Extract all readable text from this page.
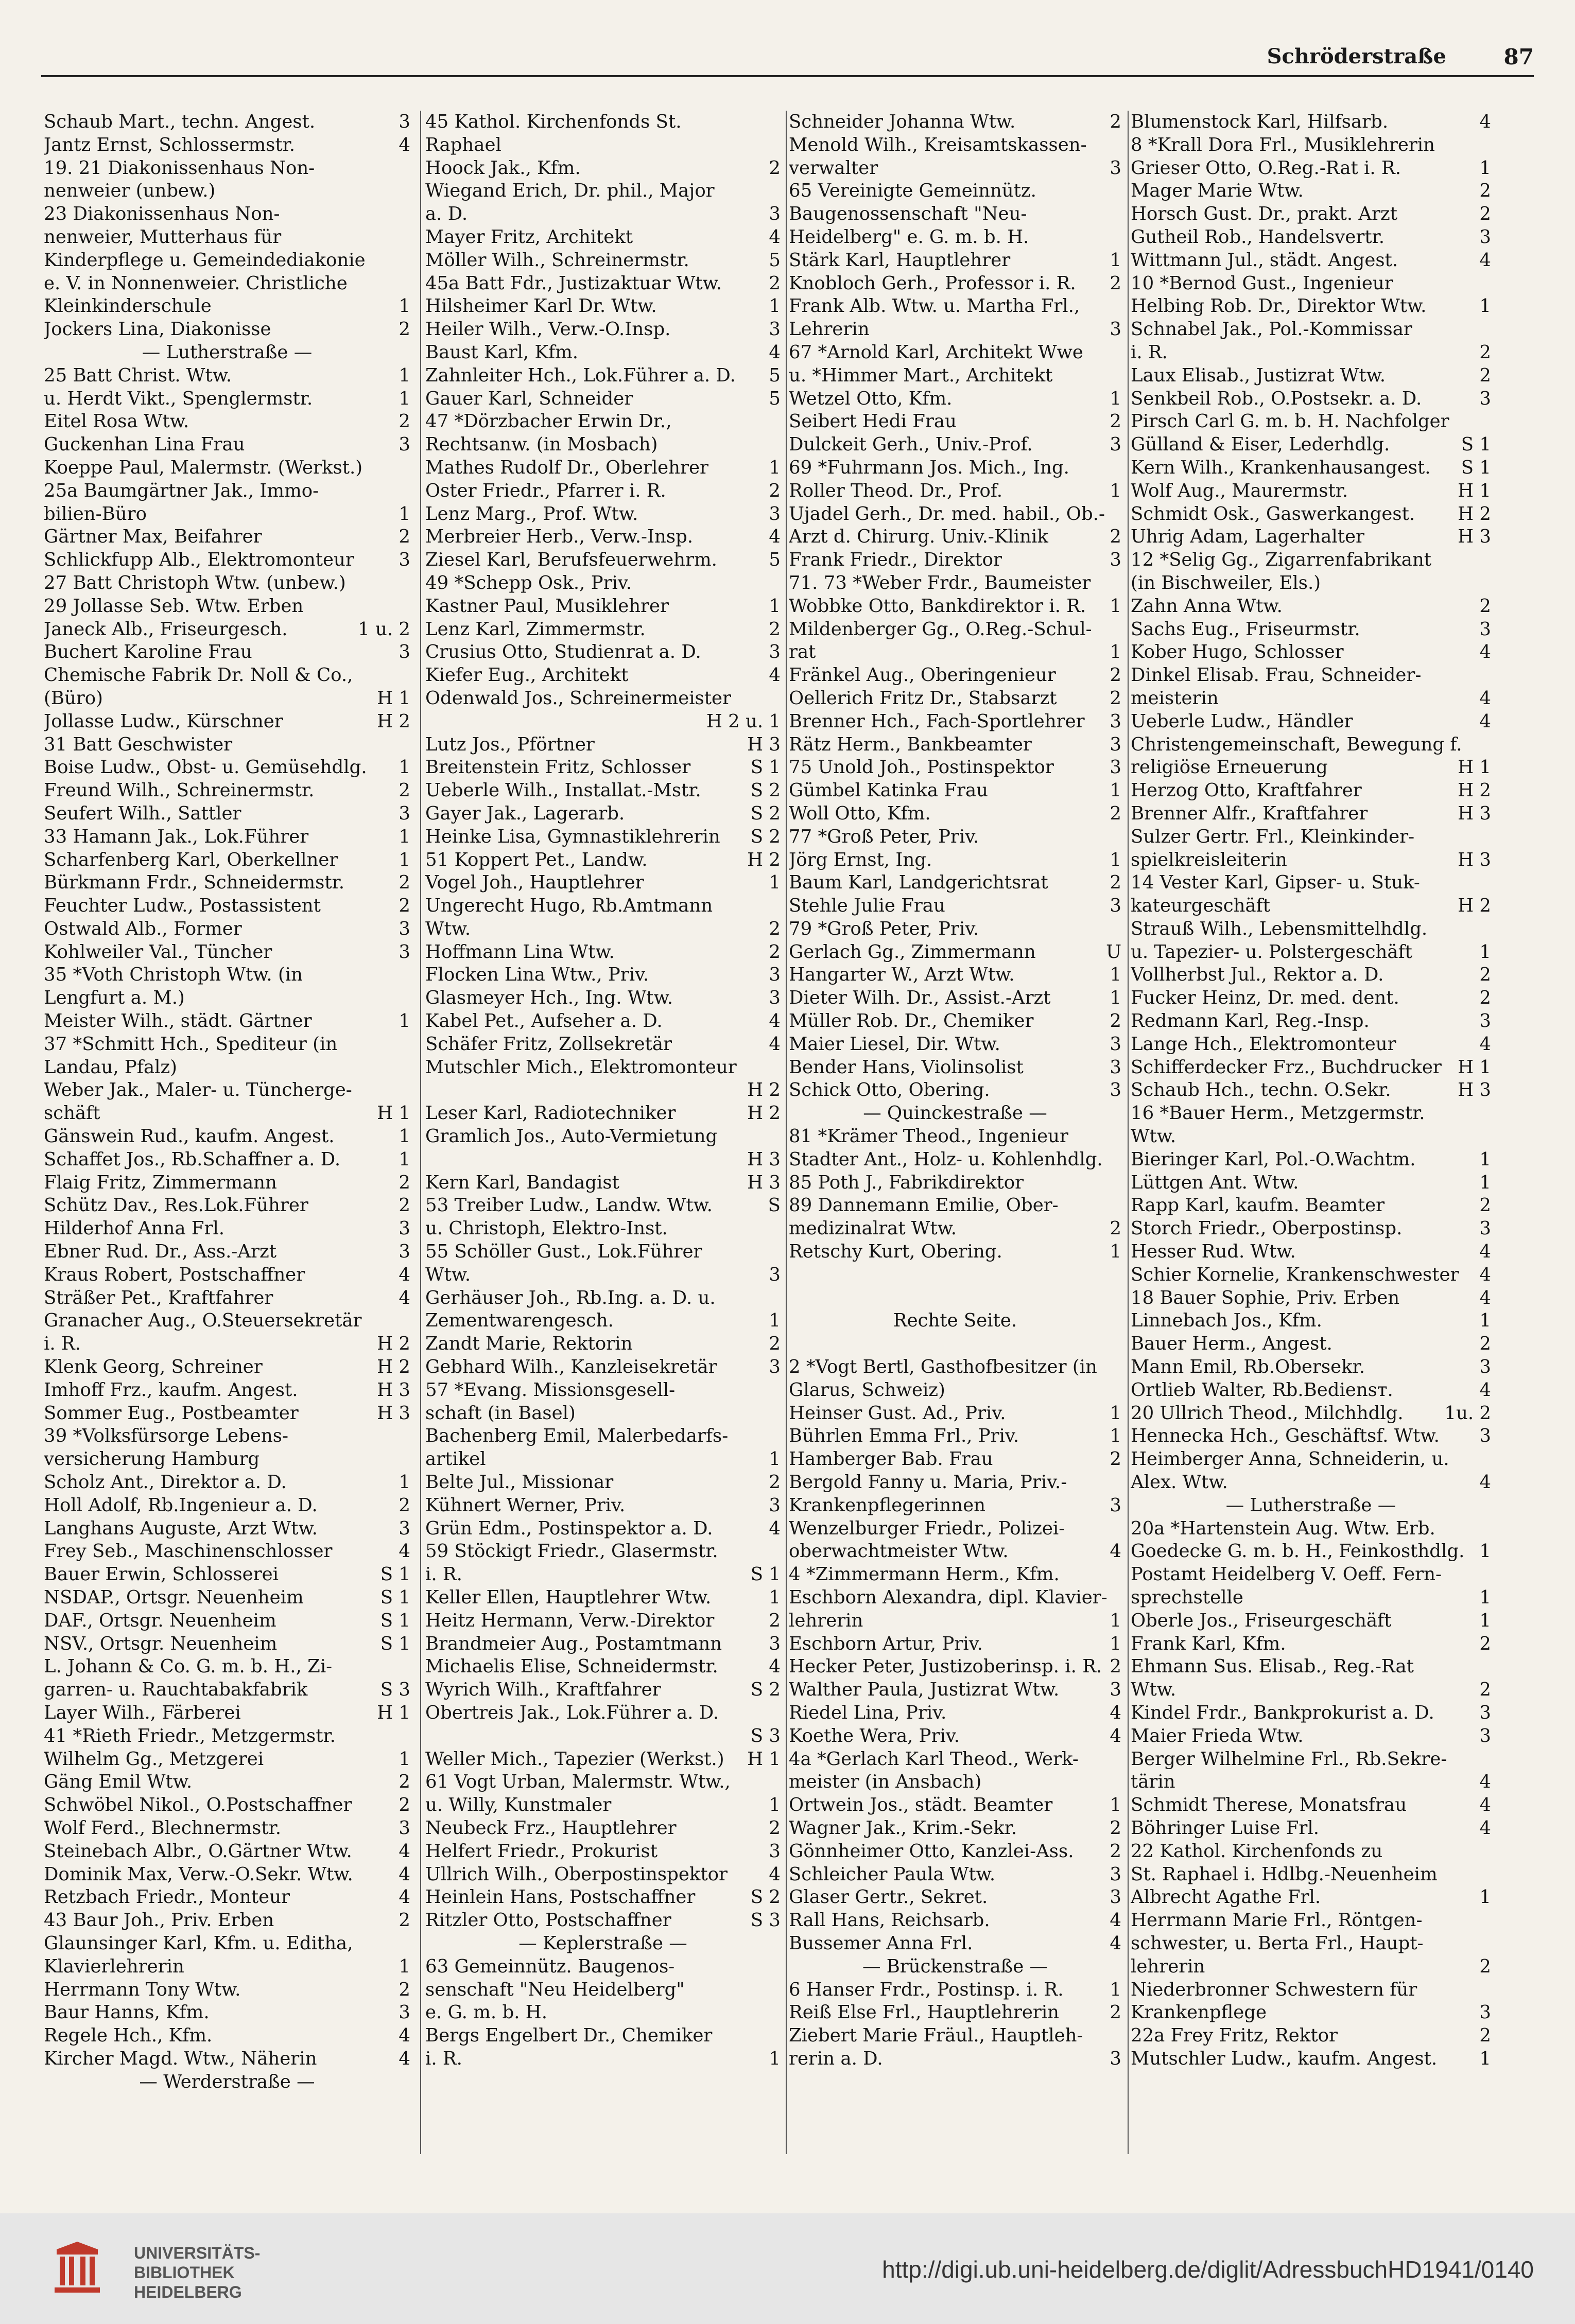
Schröderstraße	87
Schaub Mart., techn. Angest.	3
Jantz Ernst, Schlossermstr.	4
19. 21 Diakonissenhaus Non-
nenweier (unbew.)
23 Diakonissenhaus Non-
nenweier, Mutterhaus für
Kinderpflege u. Gemeindediakonie
e. V. in Nonnenweier. Christliche
Kleinkinderschule	1
Jockers Lina, Diakonisse	2
— Lutherstraße —
25 Batt Christ. Wtw.	1
u. Herdt Vikt., Spenglermstr.	1
Eitel Rosa Wtw.	2
Guckenhan Lina Frau	3
Koeppe Paul, Malermstr. (Werkst.)
25a Baumgärtner Jak., Immo-
bilien-Büro	1
Gärtner Max, Beifahrer	2
Schlickfupp Alb., Elektromonteur 3
27 Batt Christoph Wtw. (unbew.)
29 Jollasse Seb. Wtw. Erben
Janeck Alb., Friseurgesch.	1 u. 2
Buchert Karoline Frau	3
Chemische Fabrik Dr. Noll & Co.,
(Büro)	H 1
Jollasse Ludw., Kürschner	H 2
31 Batt Geschwister
Boise Ludw., Obst- u. Gemüsehdlg. 1
Freund Wilh., Schreinermstr.	2
Seufert Wilh., Sattler	3
33 Hamann Jak., Lok.Führer	1
Scharfenberg Karl, Oberkellner	1
Bürkmann Frdr., Schneidermstr.	2
Feuchter Ludw., Postassistent	2
Ostwald Alb., Former	3
Kohlweiler Val., Tüncher	3
35 *Voth Christoph Wtw. (in
Lengfurt a. M.)
Meister Wilh., städt. Gärtner	1
37 *Schmitt Hch., Spediteur (in
Landau, Pfalz)
Weber Jak., Maler- u. Tünchergе-
schäft	H 1
Gänswein Rud., kaufm. Angest.	1
Schaffet Jos., Rb.Schaffner a. D.	1
Flaig Fritz, Zimmermann	2
Schütz Dav., Res.Lok.Führer	2
Hilderhof Anna Frl.	3
Ebner Rud. Dr., Ass.-Arzt	3
Kraus Robert, Postschaffner	4
Sträßer Pet., Kraftfahrer	4
Granacher Aug., O.Steuersekretär
i. R.	H 2
Klenk Georg, Schreiner	H 2
Imhoff Frz., kaufm. Angest.	H 3
Sommer Eug., Postbeamter	H 3
39 *Volksfürsorge Lebens-
versicherung Hamburg
Scholz Ant., Direktor a. D.	1
Holl Adolf, Rb.Ingenieur a. D.	2
Langhans Auguste, Arzt Wtw.	3
Frey Seb., Maschinenschlosser	4
Bauer Erwin, Schlosserei	S 1
NSDAP., Ortsgr. Neuenheim	S 1
DAF., Ortsgr. Neuenheim	S 1
NSV., Ortsgr. Neuenheim	S 1
L. Johann & Co. G. m. b. H., Zi-
garren- u. Rauchtabakfabrik	S 3
Layer Wilh., Färberei	H 1
41 *Rieth Friedr., Metzgermstr.
Wilhelm Gg., Metzgerei	1
Gäng Emil Wtw.	2
Schwöbel Nikol., O.Postschaffner	2
Wolf Ferd., Blechnermstr.	3
Steinebach Albr., O.Gärtner Wtw.	4
Dominik Max, Verw.-O.Sekr. Wtw. 4
Retzbach Friedr., Monteur	4
43 Baur Joh., Priv. Erben	2
Glaunsinger Karl, Kfm. u. Editha,
Klavierlehrerin	1
Herrmann Tony Wtw.	2
Baur Hanns, Kfm.	3
Regele Hch., Kfm.	4
Kircher Magd. Wtw., Näherin	4
— Werderstraße —
45 Kathol. Kirchenfonds St.
Raphael
Hoock Jak., Kfm.	2
Wiegand Erich, Dr. phil., Major
a. D.	3
Mayer Fritz, Architekt	4
Möller Wilh., Schreinermstr.	5
45a Batt Fdr., Justizaktuar Wtw.	2
Hilsheimer Karl Dr. Wtw.	1
Heiler Wilh., Verw.-O.Insp.	3
Baust Karl, Kfm.	4
Zahnleiter Hch., Lok.Führer a. D. 5
Gauer Karl, Schneider	5
47 *Dörzbacher Erwin Dr.,
Rechtsanw. (in Mosbach)
Mathes Rudolf Dr., Oberlehrer	1
Oster Friedr., Pfarrer i. R.	2
Lenz Marg., Prof. Wtw.	3
Merbreier Herb., Verw.-Insp.	4
Ziesel Karl, Berufsfeuerwehrm.	5
49 *Schepp Osk., Priv.
Kastner Paul, Musiklehrer	1
Lenz Karl, Zimmermstr.	2
Crusius Otto, Studienrat a. D.	3
Kiefer Eug., Architekt	4
Odenwald Jos., Schreinermeister
H 2 u. 1
Lutz Jos., Pförtner	H 3
Breitenstein Fritz, Schlosser	S 1
Ueberle Wilh., Installat.-Mstr.	S 2
Gayer Jak., Lagerarb.	S 2
Heinke Lisa, Gymnastiklehrerin S 2
51 Koppert Pet., Landw.	H 2
Vogel Joh., Hauptlehrer	1
Ungerecht Hugo, Rb.Amtmann
Wtw.	2
Hoffmann Lina Wtw.	2
Flocken Lina Wtw., Priv.	3
Glasmeyer Hch., Ing. Wtw.	3
Kabel Pet., Aufseher a. D.	4
Schäfer Fritz, Zollsekretär	4
Mutschler Mich., Elektromonteur
H 2
Leser Karl, Radiotechniker	H 2
Gramlich Jos., Auto-Vermietung
H 3
Kern Karl, Bandagist	H 3
53 Treiber Ludw., Landw. Wtw.	S
u. Christoph, Elektro-Inst.
55 Schöller Gust., Lok.Führer
Wtw.	3
Gerhäuser Joh., Rb.Ing. a. D. u.
Zementwarengesch.	1
Zandt Marie, Rektorin	2
Gebhard Wilh., Kanzleisekretär	3
57 *Evang. Missionsgesell-
schaft (in Basel)
Bachenberg Emil, Malerbedarfs-
artikel	1
Belte Jul., Missionar	2
Kühnert Werner, Priv.	3
Grün Edm., Postinspektor a. D.	4
59 Stöckigt Friedr., Glasermstr.
i. R.	S 1
Keller Ellen, Hauptlehrer Wtw.	1
Heitz Hermann, Verw.-Direktor	2
Brandmeier Aug., Postamtmann	3
Michaelis Elise, Schneidermstr.	4
Wyrich Wilh., Kraftfahrer	S 2
Obertreis Jak., Lok.Führer a. D.
S 3
Weller Mich., Tapezier (Werkst.) H 1
61 Vogt Urban, Malermstr. Wtw.,
u. Willy, Kunstmaler	1
Neubeck Frz., Hauptlehrer	2
Helfert Friedr., Prokurist	3
Ullrich Wilh., Oberpostinspektor 4
Heinlein Hans, Postschaffner	S 2
Ritzler Otto, Postschaffner	S 3
— Keplerstraße —
63 Gemeinnütz. Baugenos-
senschaft "Neu Heidelberg"
e. G. m. b. H.
Bergs Engelbert Dr., Chemiker
i. R.	1
Schneider Johanna Wtw.	2
Menold Wilh., Kreisamtskassen-
verwalter	3
65 Vereinigte Gemeinnütz.
Baugenossenschaft "Neu-
Heidelberg" e. G. m. b. H.
Stärk Karl, Hauptlehrer	1
Knobloch Gerh., Professor i. R. 2
Frank Alb. Wtw. u. Martha Frl.,
Lehrerin	3
67 *Arnold Karl, Architekt Wwe
u. *Himmer Mart., Architekt
Wetzel Otto, Kfm.	1
Seibert Hedi Frau	2
Dulckeit Gerh., Univ.-Prof.	3
69 *Fuhrmann Jos. Mich., Ing.
Roller Theod. Dr., Prof.	1
Ujadel Gerh., Dr. med. habil., Ob.-
Arzt d. Chirurg. Univ.-Klinik	2
Frank Friedr., Direktor	3
71. 73 *Weber Frdr., Baumeister
Wobbke Otto, Bankdirektor i. R. 1
Mildenberger Gg., O.Reg.-Schul-
rat	1
Fränkel Aug., Oberingenieur	2
Oellerich Fritz Dr., Stabsarzt	2
Brenner Hch., Fach-Sportlehrer 3
Rätz Herm., Bankbeamter	3
75 Unold Joh., Postinspektor	3
Gümbel Katinka Frau	1
Woll Otto, Kfm.	2
77 *Groß Peter, Priv.
Jörg Ernst, Ing.	1
Baum Karl, Landgerichtsrat	2
Stehle Julie Frau	3
79 *Groß Peter, Priv.
Gerlach Gg., Zimmermann	U
Hangarter W., Arzt Wtw.	1
Dieter Wilh. Dr., Assist.-Arzt	1
Müller Rob. Dr., Chemiker	2
Maier Liesel, Dir. Wtw.	3
Bender Hans, Violinsolist	3
Schick Otto, Obering.	3
— Quinckestraße —
81 *Krämer Theod., Ingenieur
Stadter Ant., Holz- u. Kohlenhdlg.
85 Poth J., Fabrikdirektor
89 Dannemann Emilie, Ober-
medizinalrat Wtw.	2
Retschy Kurt, Obering.	1
Rechte Seite.
2 *Vogt Bertl, Gasthofbesitzer (in
Glarus, Schweiz)
Heinser Gust. Ad., Priv.	1
Bührlen Emma Frl., Priv.	1
Hamberger Bab. Frau	2
Bergold Fanny u. Maria, Priv.-
Krankenpflegerinnen	3
Wenzelburger Friedr., Polizei-
oberwachtmeister Wtw.	4
4 *Zimmermann Herm., Kfm.
Eschborn Alexandra, dipl. Klavier-
lehrerin	1
Eschborn Artur, Priv.	1
Hecker Peter, Justizoberinsp. i. R. 2
Walther Paula, Justizrat Wtw.	3
Riedel Lina, Priv.	4
Koethe Wera, Priv.	4
4a *Gerlach Karl Theod., Werk-
meister (in Ansbach)
Ortwein Jos., städt. Beamter	1
Wagner Jak., Krim.-Sekr.	2
Gönnheimer Otto, Kanzlei-Ass. 2
Schleicher Paula Wtw.	3
Glaser Gertr., Sekret.	3
Rall Hans, Reichsarb.	4
Bussemer Anna Frl.	4
— Brückenstraße —
6 Hanser Frdr., Postinsp. i. R.	1
Reiß Else Frl., Hauptlehrerin	2
Ziebert Marie Fräul., Hauptleh-
rerin a. D.	3
Blumenstock Karl, Hilfsarb.	4
8 *Krall Dora Frl., Musiklehrerin
Grieser Otto, O.Reg.-Rat i. R.	1
Mager Marie Wtw.	2
Horsch Gust. Dr., prakt. Arzt	2
Gutheil Rob., Handelsvertr.	3
Wittmann Jul., städt. Angest.	4
10 *Bernod Gust., Ingenieur
Helbing Rob. Dr., Direktor Wtw.	1
Schnabel Jak., Pol.-Kommissar
i. R.	2
Laux Elisab., Justizrat Wtw.	2
Senkbeil Rob., O.Postsekr. a. D.	3
Pirsch Carl G. m. b. H. Nachfolger
Gülland & Eiser, Lederhdlg.	S 1
Kern Wilh., Krankenhausangest. S 1
Wolf Aug., Maurermstr.	H 1
Schmidt Osk., Gaswerkangest. H 2
Uhrig Adam, Lagerhalter	H 3
12 *Selig Gg., Zigarrenfabrikant
(in Bischweiler, Els.)
Zahn Anna Wtw.	2
Sachs Eug., Friseurmstr.	3
Kober Hugo, Schlosser	4
Dinkel Elisab. Frau, Schneider-
meisterin	4
Ueberle Ludw., Händler	4
Christengemeinschaft, Bewegung f.
religiöse Erneuerung	H 1
Herzog Otto, Kraftfahrer	H 2
Brenner Alfr., Kraftfahrer	H 3
Sulzer Gertr. Frl., Kleinkinder-
spielkreisleiterin	H 3
14 Vester Karl, Gipser- u. Stuk-
kateurgeschäft	H 2
Strauß Wilh., Lebensmittelhdlg.
u. Tapezier- u. Polstergeschäft	1
Vollherbst Jul., Rektor a. D.	2
Fucker Heinz, Dr. med. dent.	2
Redmann Karl, Reg.-Insp.	3
Lange Hch., Elektromonteur	4
Schifferdecker Frz., Buchdrucker H 1
Schaub Hch., techn. O.Sekr.	H 3
16 *Bauer Herm., Metzgermstr.
Wtw.
Bieringer Karl, Pol.-O.Wachtm.	1
Lüttgen Ant. Wtw.	1
Rapp Karl, kaufm. Beamter	2
Storch Friedr., Oberpostinsp.	3
Hesser Rud. Wtw.	4
Schier Kornelie, Krankenschwester 4
18 Bauer Sophie, Priv. Erben	4
Linnebach Jos., Kfm.	1
Bauer Herm., Angest.	2
Mann Emil, Rb.Obersekr.	3
Ortlieb Walter, Rb.Bediensт.	4
20 Ullrich Theod., Milchhdlg. 1u. 2
Hennecka Hch., Geschäftsf. Wtw. 3
Heimberger Anna, Schneiderin, u.
Alex. Wtw.	4
— Lutherstraße —
20a *Hartenstein Aug. Wtw. Erb.
Goedecke G. m. b. H., Feinkosthdlg. 1
Postamt Heidelberg V. Oeff. Fern-
sprechstelle	1
Oberle Jos., Friseurgeschäft	1
Frank Karl, Kfm.	2
Ehmann Sus. Elisab., Reg.-Rat
Wtw.	2
Kindel Frdr., Bankprokurist a. D. 3
Maier Frieda Wtw.	3
Berger Wilhelmine Frl., Rb.Sekre-
tärin	4
Schmidt Therese, Monatsfrau	4
Böhringer Luise Frl.	4
22 Kathol. Kirchenfonds zu
St. Raphael i. Hdlbg.-Neuenheim
Albrecht Agathe Frl.	1
Herrmann Marie Frl., Röntgen-
schwester, u. Berta Frl., Haupt-
lehrerin	2
Niederbronner Schwestern für
Krankenpflege	3
22a Frey Fritz, Rektor	2
Mutschler Ludw., kaufm. Angest. 1
UNIVERSITÄTS-
BIBLIOTHEK
HEIDELBERG
http://digi.ub.uni-heidelberg.de/diglit/AdressbuchHD1941/0140
